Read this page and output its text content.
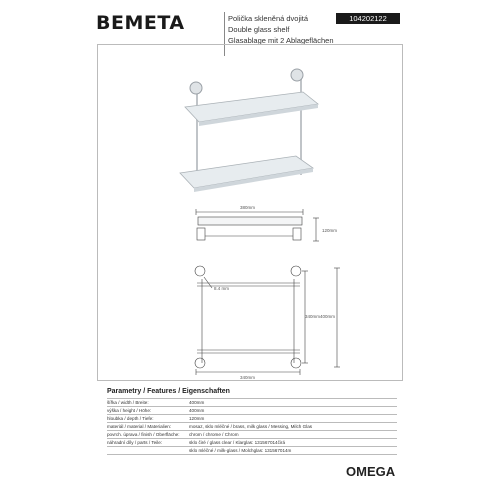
BEMETA	Polička skleněná dvojitá
Double glass shelf
Glasablage mit 2 Ablageflächen
104202122
380mm
120mm
8.4 mm
340mm
340mm 400mm
Parametry / Features / Eigenschaften
šířka / width / Breite:	400mm
výška / height / Höhe:	400mm
hloubka / depth / Tiefe:	120mm
materiál / material / Materialien:	mosaz, sklo mléčné / brass, milk glass / Messing, Milch Glas
povrch. úprava / finish / Oberfläche:	chrom / chrome / Chrom
náhradní díly / parts / Teile:	sklo čiré / glass clear / Klarglas: 131567014čirá
sklo mléčné / milk-glass / Molchglas: 131567014m
OMEGA
